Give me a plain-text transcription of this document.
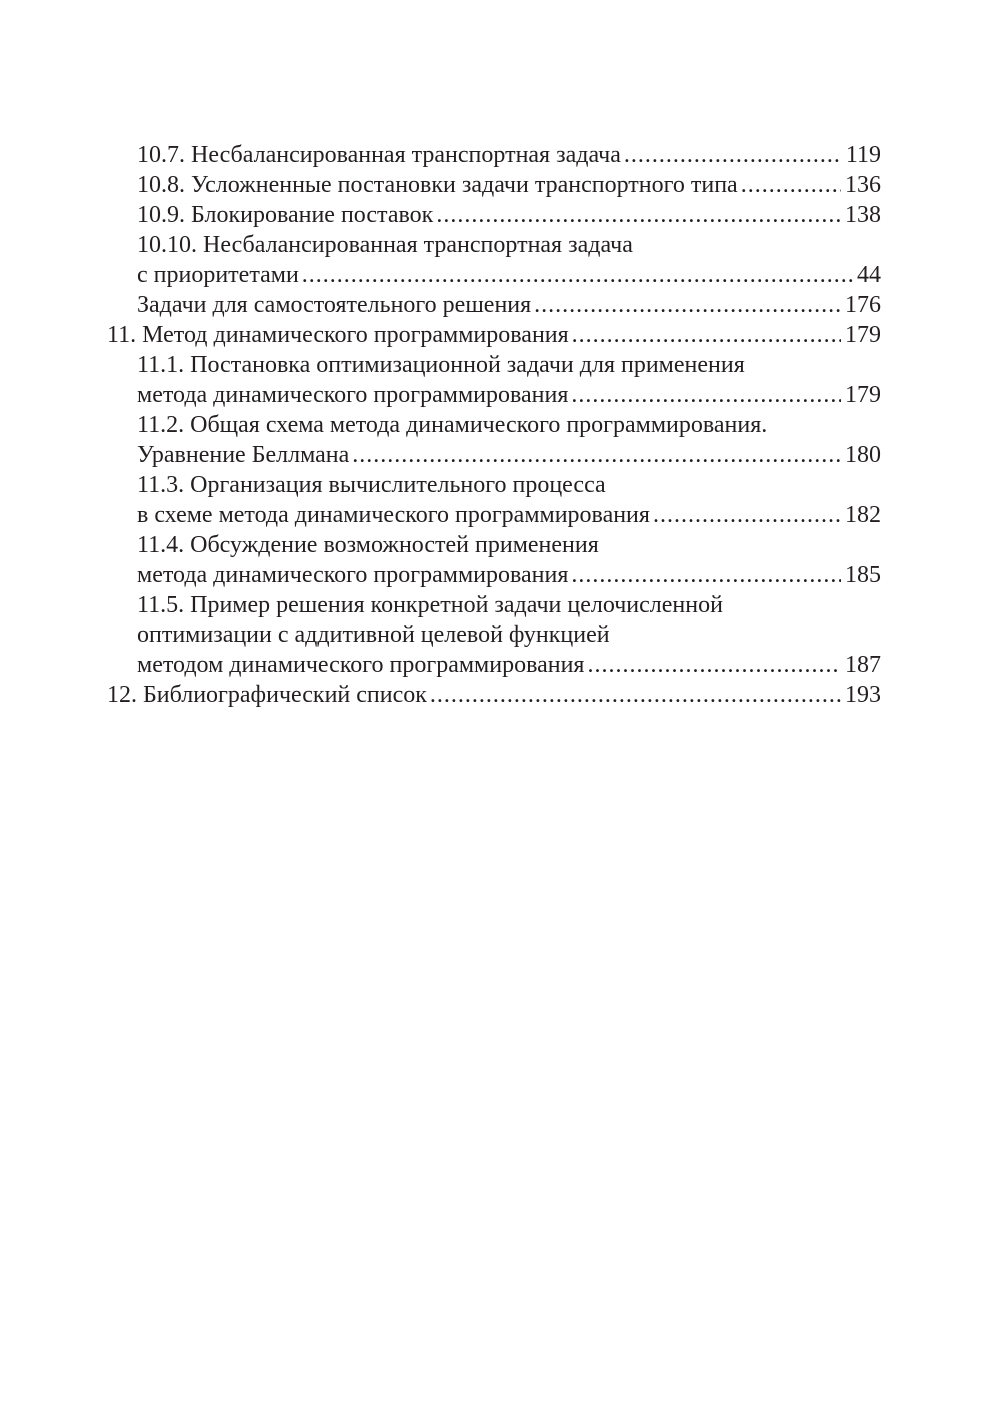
10.7. Несбалансированная транспортная задача .....	119
10.8. Усложненные постановки задачи транспортного типа .....	136
10.9. Блокирование поставок .....	138
10.10. Несбалансированная транспортная задача
с приоритетами .....	44
Задачи для самостоятельного решения .....	176
11. Метод динамического программирования .....	179
11.1. Постановка оптимизационной задачи для применения
метода динамического программирования .....	179
11.2. Общая схема метода динамического программирования.
Уравнение Беллмана .....	180
11.3. Организация вычислительного процесса
в схеме метода динамического программирования .....	182
11.4. Обсуждение возможностей применения
метода динамического программирования .....	185
11.5. Пример решения конкретной задачи целочисленной
оптимизации с аддитивной целевой функцией
методом динамического программирования .....	187
12. Библиографический список .....	193
